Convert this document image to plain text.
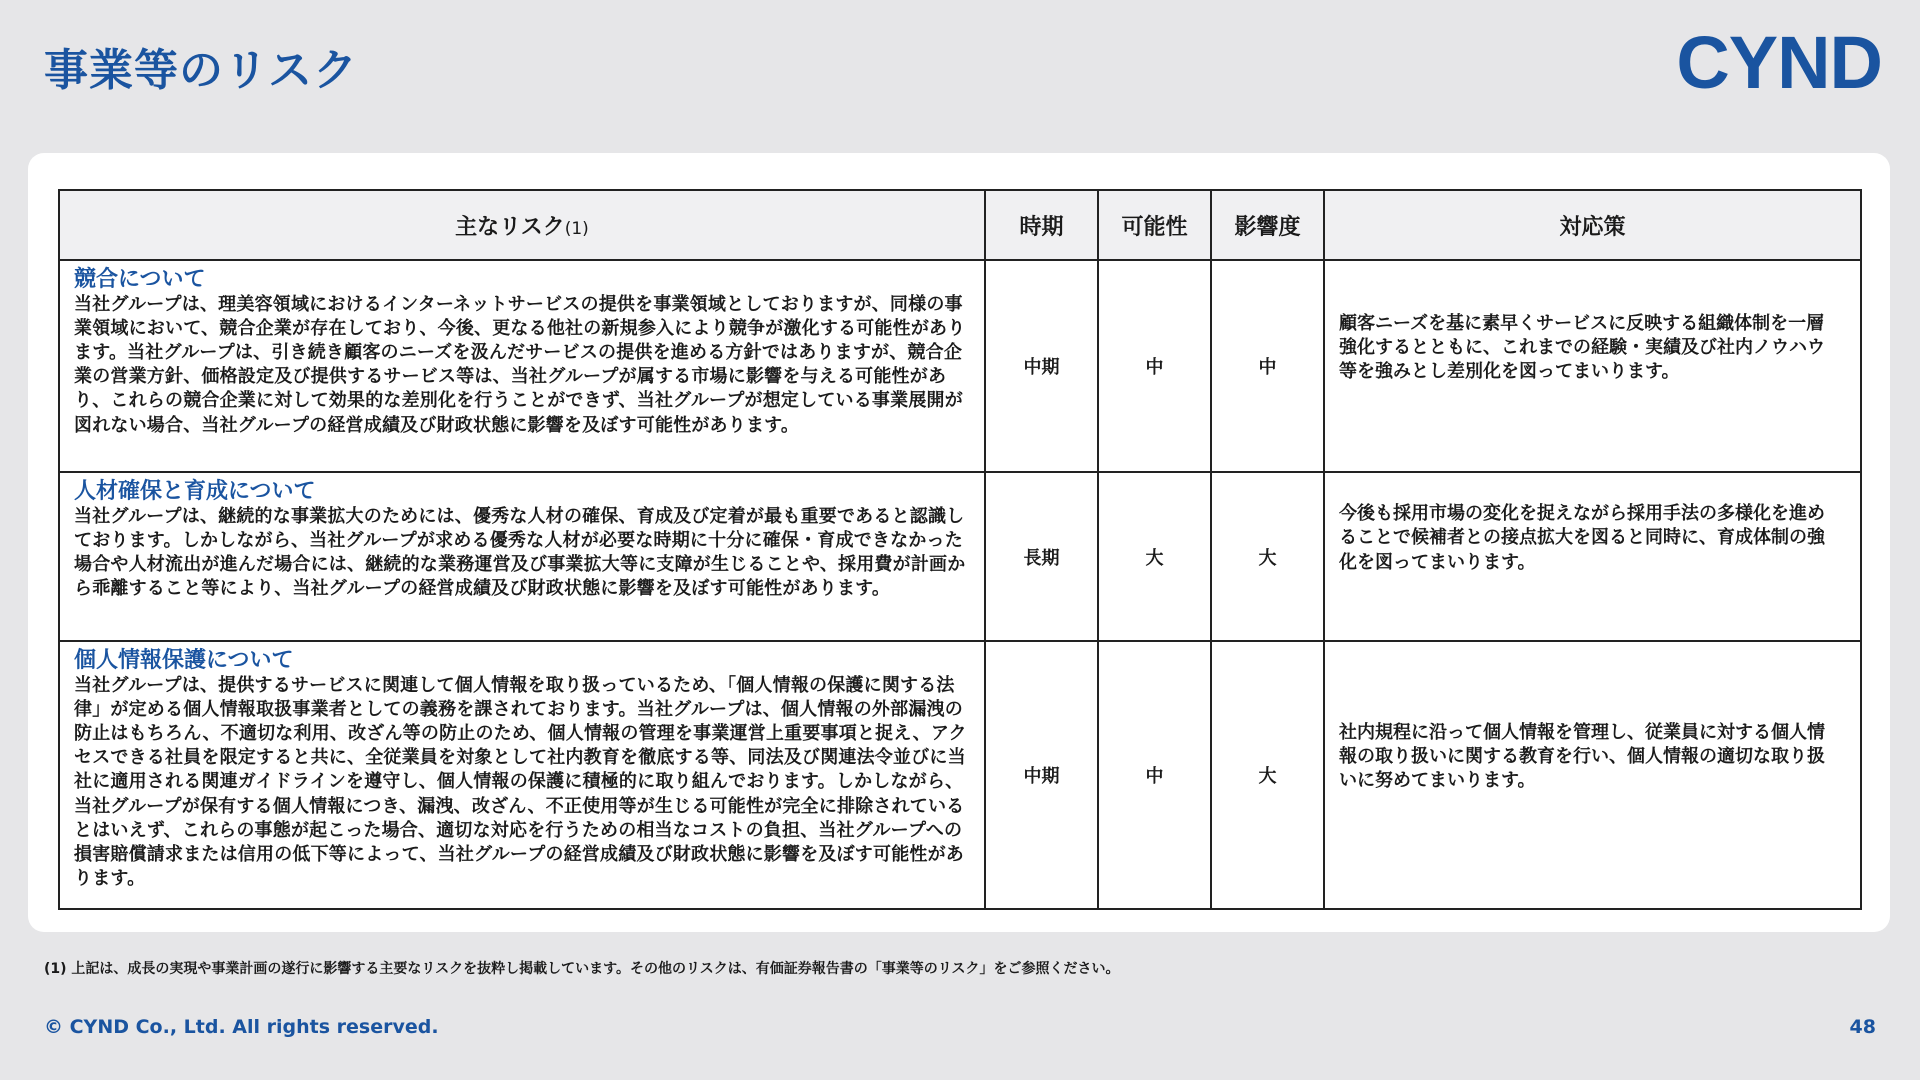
事業等のリスク	CYND
主なリスク(1)	時期	可能性	影響度	対応策

競合について
当社グループは、理美容領域におけるインターネットサービスの提供を事業領域としておりますが、同様の事業領域において、競合企業が存在しており、今後、更なる他社の新規参入により競争が激化する可能性があります。当社グループは、引き続き顧客のニーズを汲んだサービスの提供を進める方針ではありますが、競合企業の営業方針、価格設定及び提供するサービス等は、当社グループが属する市場に影響を与える可能性があり、これらの競合企業に対して効果的な差別化を行うことができず、当社グループが想定している事業展開が図れない場合、当社グループの経営成績及び財政状態に影響を及ぼす可能性があります。	中期	中	中	顧客ニーズを基に素早くサービスに反映する組織体制を一層強化するとともに、これまでの経験・実績及び社内ノウハウ等を強みとし差別化を図ってまいります。

人材確保と育成について
当社グループは、継続的な事業拡大のためには、優秀な人材の確保、育成及び定着が最も重要であると認識しております。しかしながら、当社グループが求める優秀な人材が必要な時期に十分に確保・育成できなかった場合や人材流出が進んだ場合には、継続的な業務運営及び事業拡大等に支障が生じることや、採用費が計画から乖離すること等により、当社グループの経営成績及び財政状態に影響を及ぼす可能性があります。	長期	大	大	今後も採用市場の変化を捉えながら採用手法の多様化を進めることで候補者との接点拡大を図ると同時に、育成体制の強化を図ってまいります。

個人情報保護について
当社グループは、提供するサービスに関連して個人情報を取り扱っているため、「個人情報の保護に関する法律」が定める個人情報取扱事業者としての義務を課されております。当社グループは、個人情報の外部漏洩の防止はもちろん、不適切な利用、改ざん等の防止のため、個人情報の管理を事業運営上重要事項と捉え、アクセスできる社員を限定すると共に、全従業員を対象として社内教育を徹底する等、同法及び関連法令並びに当社に適用される関連ガイドラインを遵守し、個人情報の保護に積極的に取り組んでおります。しかしながら、当社グループが保有する個人情報につき、漏洩、改ざん、不正使用等が生じる可能性が完全に排除されているとはいえず、これらの事態が起こった場合、適切な対応を行うための相当なコストの負担、当社グループへの損害賠償請求または信用の低下等によって、当社グループの経営成績及び財政状態に影響を及ぼす可能性があります。	中期	中	大	社内規程に沿って個人情報を管理し、従業員に対する個人情報の取り扱いに関する教育を行い、個人情報の適切な取り扱いに努めてまいります。
(1) 上記は、成長の実現や事業計画の遂行に影響する主要なリスクを抜粋し掲載しています。その他のリスクは、有価証券報告書の「事業等のリスク」をご参照ください。
© CYND Co., Ltd. All rights reserved.	48
